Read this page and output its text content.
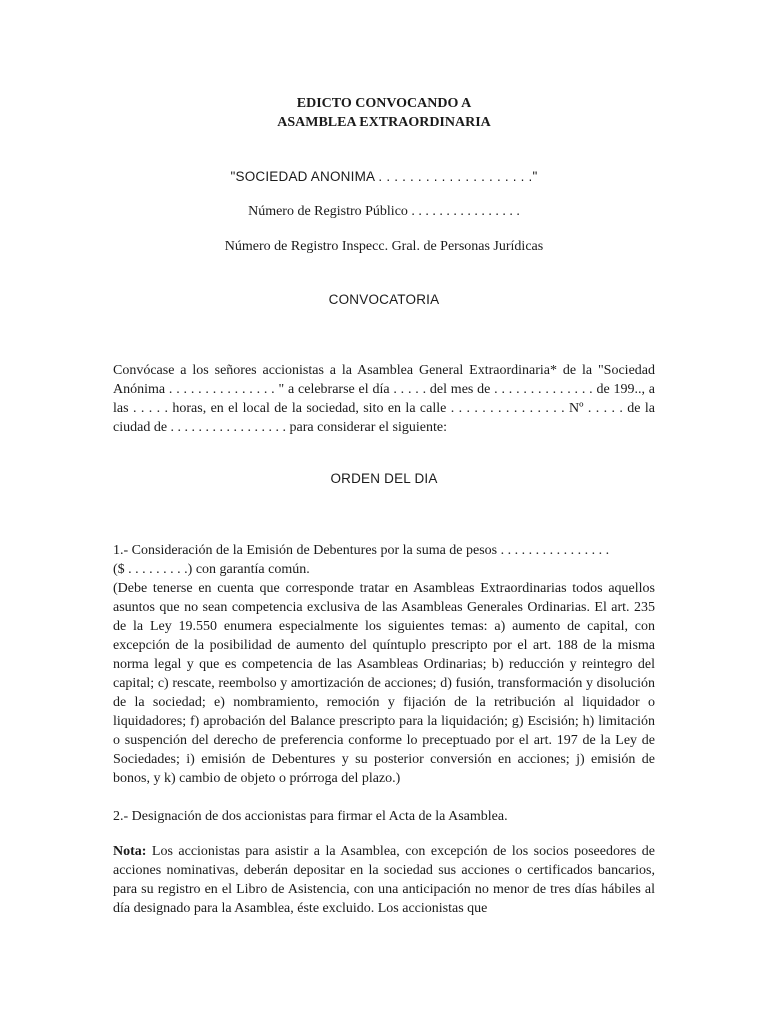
EDICTO CONVOCANDO A
ASAMBLEA EXTRAORDINARIA
"SOCIEDAD ANONIMA . . . . . . . . . . . . . . . . . . . ."
Número de Registro Público . . . . . . . . . . . . . . . .
Número de Registro Inspecc. Gral. de Personas Jurídicas
CONVOCATORIA

Convócase a los señores accionistas a la Asamblea General Extraordinaria* de la "Sociedad Anónima . . . . . . . . . . . . . . . " a celebrarse el día . . . . . del mes de . . . . . . . . . . . . . . de 199.., a las . . . . . horas, en el local de la sociedad, sito en la calle . . . . . . . . . . . . . . . Nº . . . . . de la ciudad de . . . . . . . . . . . . . . . . . para considerar el siguiente:

ORDEN DEL DIA

1.- Consideración de la Emisión de Debentures por la suma de pesos . . . . . . . . . . . . . . . .

($ . . . . . . . . .) con garantía común.

(Debe tenerse en cuenta que corresponde tratar en Asambleas Extraordinarias todos aquellos asuntos que no sean competencia exclusiva de las Asambleas Generales Ordinarias. El art. 235 de la Ley 19.550 enumera especialmente los siguientes temas: a) aumento de capital, con excepción de la posibilidad de aumento del quíntuplo prescripto por el art. 188 de la misma norma legal y que es competencia de las Asambleas Ordinarias; b) reducción y reintegro del capital; c) rescate, reembolso y amortización de acciones; d) fusión, transformación y disolución de la sociedad; e) nombramiento, remoción y fijación de la retribución al liquidador o liquidadores; f) aprobación del Balance prescripto para la liquidación; g) Escisión; h) limitación o suspención del derecho de preferencia conforme lo preceptuado por el art. 197 de la Ley de Sociedades; i) emisión de Debentures y su posterior conversión en acciones; j) emisión de bonos, y k) cambio de objeto o prórroga del plazo.)

2.- Designación de dos accionistas para firmar el Acta de la Asamblea.

Nota: Los accionistas para asistir a la Asamblea, con excepción de los socios poseedores de acciones nominativas, deberán depositar en la sociedad sus acciones o certificados bancarios, para su registro en el Libro de Asistencia, con una anticipación no menor de tres días hábiles al día designado para la Asamblea, éste excluido. Los accionistas que
